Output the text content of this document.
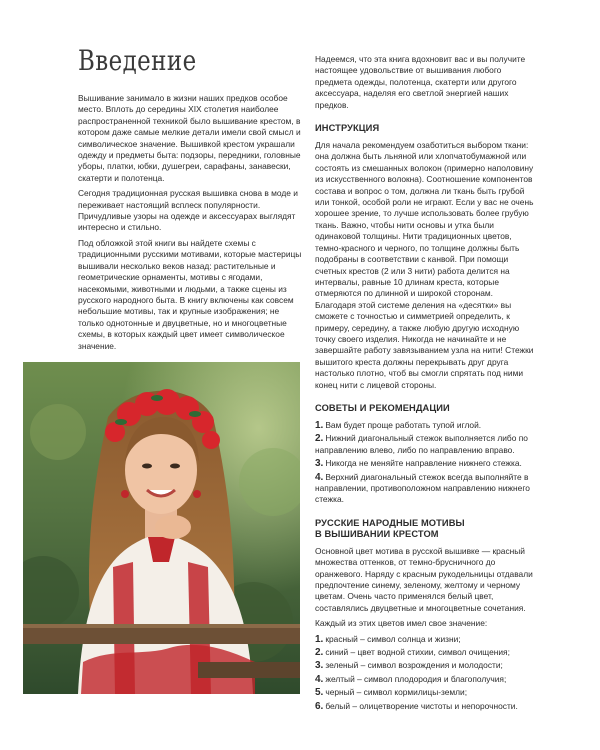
Введение

Вышивание занимало в жизни наших предков особое место. Вплоть до середины XIX столетия наиболее распространенной техникой было вышивание крестом, в котором даже самые мелкие детали имели свой смысл и символическое значение. Вышивкой крестом украшали одежду и предметы быта: подзоры, передники, головные уборы, платки, юбки, душегреи, сарафаны, занавески, скатерти и полотенца.

Сегодня традиционная русская вышивка снова в моде и переживает настоящий всплеск популярности. Причудливые узоры на одежде и аксессуарах выглядят интересно и стильно.

Под обложкой этой книги вы найдете схемы с традиционными русскими мотивами, которые мастерицы вышивали несколько веков назад: растительные и геометрические орнаменты, мотивы с ягодами, насекомыми, животными и людьми, а также сцены из русского народного быта. В книгу включены как совсем небольшие мотивы, так и крупные изображения; не только однотонные и двуцветные, но и многоцветные схемы, в которых каждый цвет имеет символическое значение.

Надеемся, что эта книга вдохновит вас и вы получите настоящее удовольствие от вышивания любого предмета одежды, полотенца, скатерти или другого аксессуара, наделяя его светлой энергией наших предков.

ИНСТРУКЦИЯ

Для начала рекомендуем озаботиться выбором ткани: она должна быть льняной или хлопчатобумажной или состоять из смешанных волокон (примерно наполовину из искусственного волокна). Соотношение компонентов состава и вопрос о том, должна ли ткань быть грубой или тонкой, особой роли не играют. Если у вас не очень хорошее зрение, то лучше использовать более грубую ткань. Важно, чтобы нити основы и утка были одинаковой толщины. Нити традиционных цветов, темно-красного и черного, по толщине должны быть подобраны в соответствии с канвой. При помощи счетных крестов (2 или 3 нити) работа делится на интервалы, равные 10 длинам креста, которые отмеряются по длинной и широкой сторонам. Благодаря этой системе деления на «десятки» вы сможете с точностью и симметрией определить, к примеру, середину, а также любую другую исходную точку своего изделия. Никогда не начинайте и не завершайте работу завязыванием узла на нити! Стежки вышитого креста должны перекрывать друг друга настолько плотно, чтоб вы смогли спрятать под ними конец нити с лицевой стороны.

СОВЕТЫ И РЕКОМЕНДАЦИИ
1. Вам будет проще работать тупой иглой.
2. Нижний диагональный стежок выполняется либо по направлению влево, либо по направлению вправо.
3. Никогда не меняйте направление нижнего стежка.
4. Верхний диагональный стежок всегда выполняйте в направлении, противоположном направлению нижнего стежка.
РУССКИЕ НАРОДНЫЕ МОТИВЫ
В ВЫШИВАНИИ КРЕСТОМ

Основной цвет мотива в русской вышивке — красный множества оттенков, от темно-брусничного до оранжевого. Наряду с красным рукодельницы отдавали предпочтение синему, зеленому, желтому и черному цветам. Очень часто применялся белый цвет, составлялись двуцветные и многоцветные сочетания.

Каждый из этих цветов имел свое значение:

1. красный – символ солнца и жизни;
2. синий – цвет водной стихии, символ очищения;
3. зеленый – символ возрождения и молодости;
4. желтый – символ плодородия и благополучия;
5. черный – символ кормилицы-земли;
6. белый – олицетворение чистоты и непорочности.
